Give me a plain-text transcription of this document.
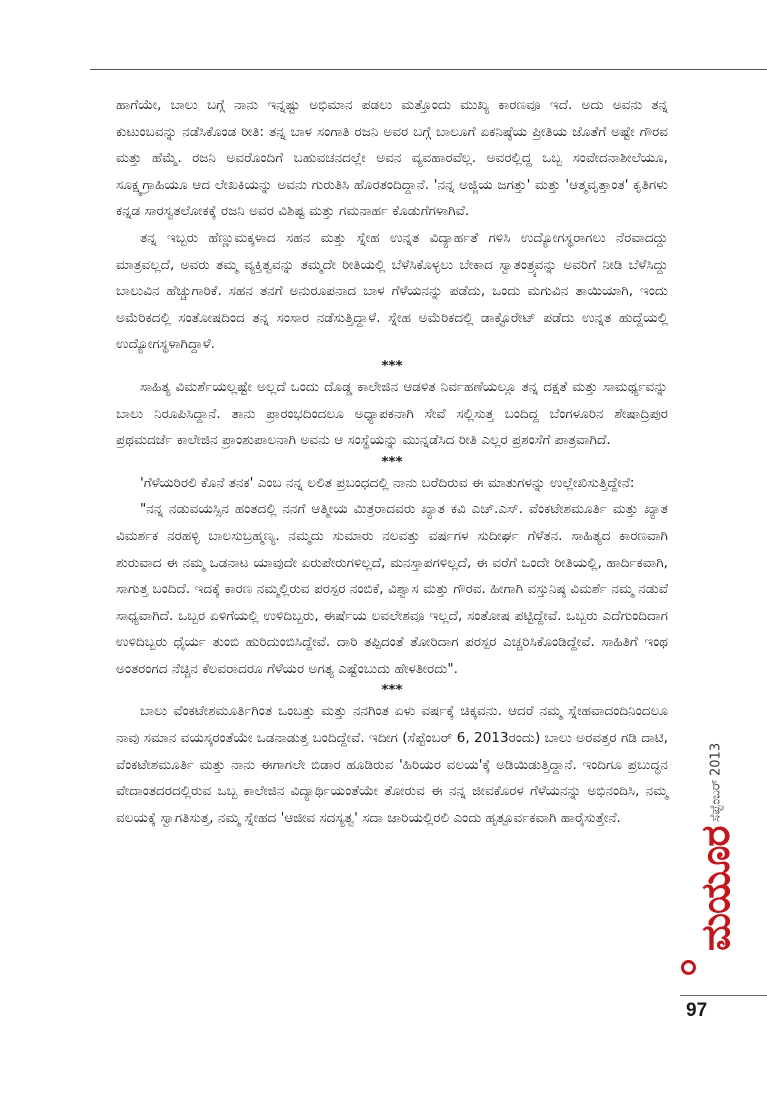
ಹಾಗೆಯೇ, ಬಾಲು ಬಗ್ಗೆ ನಾನು ಇನ್ನಷ್ಟು ಅಭಿಮಾನ ಪಡಲು ಮತ್ತೊಂದು ಮುಖ್ಯ ಕಾರಣವೂ ಇದೆ. ಅದು ಅವನು ತನ್ನ ಕುಟುಂಬವನ್ನು ನಡೆಸಿಕೊಂಡ ರೀತಿ: ತನ್ನ ಬಾಳ ಸಂಗಾತಿ ರಜನಿ ಅವರ ಬಗ್ಗೆ ಬಾಲೂಗೆ ಏಕನಿಷ್ಠೆಯ ಪ್ರೀತಿಯ ಜೊತೆಗೆ ಅಷ್ಟೇ ಗೌರವ ಮತ್ತು ಹೆಮ್ಮೆ. ರಜನಿ ಅವರೊಂದಿಗೆ ಬಹುವಚನದಲ್ಲೇ ಅವನ ವ್ಯವಹಾರವೆಲ್ಲ. ಅವರಲ್ಲಿದ್ದ ಒಬ್ಬ ಸಂವೇದನಾಶೀಲೆಯೂ, ಸೂಕ್ಷ್ಮಗ್ರಾಹಿಯೂ ಆದ ಲೇಖಕಿಯನ್ನು ಅವನು ಗುರುತಿಸಿ ಹೊರತಂದಿದ್ದಾನೆ. 'ನನ್ನ ಅಜ್ಜಿಯ ಜಗತ್ತು' ಮತ್ತು 'ಆತ್ಮವೃತ್ತಾಂತ' ಕೃತಿಗಳು ಕನ್ನಡ ಸಾರಸ್ವತಲೋಕಕ್ಕೆ ರಜನಿ ಅವರ ವಿಶಿಷ್ಟ ಮತ್ತು ಗಮನಾರ್ಹ ಕೊಡುಗೆಗಳಾಗಿವೆ.

ತನ್ನ ಇಬ್ಬರು ಹೆಣ್ಣುಮಕ್ಕಳಾದ ಸಹನ ಮತ್ತು ಸ್ನೇಹ ಉನ್ನತ ವಿದ್ಯಾರ್ಹತೆ ಗಳಿಸಿ ಉದ್ಯೋಗಸ್ಥರಾಗಲು ನೆರವಾದದ್ದು ಮಾತ್ರವಲ್ಲದೆ, ಅವರು ತಮ್ಮ ವ್ಯಕ್ತಿತ್ವವನ್ನು ತಮ್ಮದೇ ರೀತಿಯಲ್ಲಿ ಬೆಳೆಸಿಕೊಳ್ಳಲು ಬೇಕಾದ ಸ್ವಾತಂತ್ರ್ಯವನ್ನು ಅವರಿಗೆ ನೀಡಿ ಬೆಳೆಸಿದ್ದು ಬಾಲುವಿನ ಹೆಚ್ಚುಗಾರಿಕೆ. ಸಹನ ತನಗೆ ಅನುರೂಪನಾದ ಬಾಳ ಗೆಳೆಯನನ್ನು ಪಡೆದು, ಒಂದು ಮಗುವಿನ ತಾಯಿಯಾಗಿ, ಇಂದು ಅಮೆರಿಕದಲ್ಲಿ ಸಂತೋಷದಿಂದ ತನ್ನ ಸಂಸಾರ ನಡೆಸುತ್ತಿದ್ದಾಳೆ. ಸ್ನೇಹ ಅಮೆರಿಕದಲ್ಲಿ ಡಾಕ್ಟೊರೇಟ್ ಪಡೆದು ಉನ್ನತ ಹುದ್ದೆಯಲ್ಲಿ ಉದ್ಯೋಗಸ್ಥಳಾಗಿದ್ದಾಳೆ.

***

ಸಾಹಿತ್ಯ ವಿಮರ್ಶೆಯಲ್ಲಷ್ಟೇ ಅಲ್ಲದೆ ಒಂದು ದೊಡ್ಡ ಕಾಲೇಜಿನ ಆಡಳಿತ ನಿರ್ವಹಣೆಯಲ್ಲೂ ತನ್ನ ದಕ್ಷತೆ ಮತ್ತು ಸಾಮರ್ಥ್ಯವನ್ನು ಬಾಲು ನಿರೂಪಿಸಿದ್ದಾನೆ. ತಾನು ಪ್ರಾರಂಭದಿಂದಲೂ ಅಧ್ಯಾಪಕನಾಗಿ ಸೇವೆ ಸಲ್ಲಿಸುತ್ತ ಬಂದಿದ್ದ ಬೆಂಗಳೂರಿನ ಶೇಷಾದ್ರಿಪುರ ಪ್ರಥಮದರ್ಜೆ ಕಾಲೇಜಿನ ಪ್ರಾಂಶುಪಾಲನಾಗಿ ಅವನು ಆ ಸಂಸ್ಥೆಯನ್ನು ಮುನ್ನಡೆಸಿದ ರೀತಿ ಎಲ್ಲರ ಪ್ರಶಂಸೆಗೆ ಪಾತ್ರವಾಗಿದೆ.

***

'ಗೆಳೆಯರಿರಲಿ ಕೊನೆ ತನಕ' ಎಂಬ ನನ್ನ ಲಲಿತ ಪ್ರಬಂಧದಲ್ಲಿ ನಾನು ಬರೆದಿರುವ ಈ ಮಾತುಗಳನ್ನು ಉಲ್ಲೇಖಿಸುತ್ತಿದ್ದೇನೆ:

"ನನ್ನ ನಡುವಯಸ್ಸಿನ ಹಂತದಲ್ಲಿ ನನಗೆ ಆತ್ಮೀಯ ಮಿತ್ರರಾದವರು ಖ್ಯಾತ ಕವಿ ಎಚ್.ಎಸ್. ವೆಂಕಟೇಶಮೂರ್ತಿ ಮತ್ತು ಖ್ಯಾತ ವಿಮರ್ಶಕ ನರಹಳ್ಳಿ ಬಾಲಸುಬ್ರಹ್ಮಣ್ಯ. ನಮ್ಮದು ಸುಮಾರು ನಲವತ್ತು ವರ್ಷಗಳ ಸುದೀರ್ಘ ಗೆಳೆತನ. ಸಾಹಿತ್ಯದ ಕಾರಣವಾಗಿ ಶುರುವಾದ ಈ ನಮ್ಮ ಒಡನಾಟ ಯಾವುದೇ ಏರುಪೇರುಗಳಿಲ್ಲದೆ, ಮನಸ್ತಾಪಗಳಿಲ್ಲದೆ, ಈ ವರೆಗೆ ಒಂದೇ ರೀತಿಯಲ್ಲಿ, ಹಾರ್ದಿಕವಾಗಿ, ಸಾಗುತ್ತ ಬಂದಿದೆ. ಇದಕ್ಕೆ ಕಾರಣ ನಮ್ಮಲ್ಲಿರುವ ಪರಸ್ಪರ ನಂಬಿಕೆ, ವಿಶ್ವಾಸ ಮತ್ತು ಗೌರವ. ಹೀಗಾಗಿ ವಸ್ತುನಿಷ್ಠ ವಿಮರ್ಶೆ ನಮ್ಮ ನಡುವೆ ಸಾಧ್ಯವಾಗಿದೆ. ಒಬ್ಬರ ಏಳಿಗೆಯಲ್ಲಿ ಉಳಿದಿಬ್ಬರು, ಈರ್ಷೆಯ ಲವಲೇಶವೂ ಇಲ್ಲದೆ, ಸಂತೋಷ ಪಟ್ಟಿದ್ದೇವೆ. ಒಬ್ಬರು ಎದೆಗುಂದಿದಾಗ ಉಳಿದಿಬ್ಬರು ಧೈರ್ಯ ತುಂಬಿ ಹುರಿದುಂಬಿಸಿದ್ದೇವೆ. ದಾರಿ ತಪ್ಪಿದಂತೆ ತೋರಿದಾಗ ಪರಸ್ಪರ ಎಚ್ಚರಿಸಿಕೊಂಡಿದ್ದೇವೆ. ಸಾಹಿತಿಗೆ ಇಂಥ ಅಂತರಂಗದ ನೆಚ್ಚಿನ ಕೆಲವರಾದರೂ ಗೆಳೆಯರ ಅಗತ್ಯ ಎಷ್ಟೆಂಬುದು ಹೇಳತೀರದು".

***

ಬಾಲು ವೆಂಕಟೇಶಮೂರ್ತಿಗಿಂತ ಒಂಬತ್ತು ಮತ್ತು ನನಗಿಂತ ಏಳು ವರ್ಷಕ್ಕೆ ಚಿಕ್ಕವನು. ಆದರೆ ನಮ್ಮ ಸ್ನೇಹವಾದಂದಿನಿಂದಲೂ ನಾವು ಸಮಾನ ವಯಸ್ಕರಂತೆಯೇ ಒಡನಾಡುತ್ತ ಬಂದಿದ್ದೇವೆ. ಇದೀಗ (ಸೆಪ್ಟೆಂಬರ್ 6, 2013ರಂದು) ಬಾಲು ಅರವತ್ತರ ಗಡಿ ದಾಟಿ, ವೆಂಕಟೇಶಮೂರ್ತಿ ಮತ್ತು ನಾನು ಈಗಾಗಲೇ ಬಿಡಾರ ಹೂಡಿರುವ 'ಹಿರಿಯರ ವಲಯ'ಕ್ಕೆ ಅಡಿಯಿಡುತ್ತಿದ್ದಾನೆ. ಇಂದಿಗೂ ಪ್ರಬುದ್ಧನ ವೇದಾಂತದರದಲ್ಲಿರುವ ಒಬ್ಬ ಕಾಲೇಜಿನ ವಿದ್ಯಾರ್ಥಿಯಂತೆಯೇ ತೋರುವ ಈ ನನ್ನ ಜೀವಕೊರಳ ಗೆಳೆಯನನ್ನು ಅಭಿನಂದಿಸಿ, ನಮ್ಮ ವಲಯಕ್ಕೆ ಸ್ವಾಗತಿಸುತ್ತ, ನಮ್ಮ ಸ್ನೇಹದ 'ಆಜೀವ ಸದಸ್ಯತ್ವ' ಸದಾ ಜಾರಿಯಲ್ಲಿರಲಿ ಎಂದು ಹೃತ್ಪೂರ್ವಕವಾಗಿ ಹಾರೈಸುತ್ತೇನೆ.

ಮಯೂರ
ಸೆಪ್ಟೆಂಬರ್
2013
97
